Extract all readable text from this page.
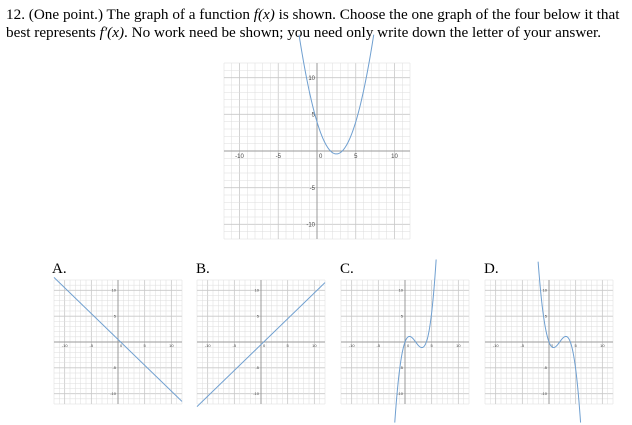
12. (One point.) The graph of a function f(x) is shown. Choose the one graph of the four below it that best represents f′(x). No work need be shown; you need only write down the letter of your answer.

-10	-5	0	5	10
10
5
-5
-10
A.	B.	C.	D.
-10	-5	0	5	10
10
5
-5
-10
-10	-5	0	5	10
10
5
-5
-10
-10	-5	0	5	10
10
5
-5
-10
-10	-5	0	5	10
10
5
-5
-10
